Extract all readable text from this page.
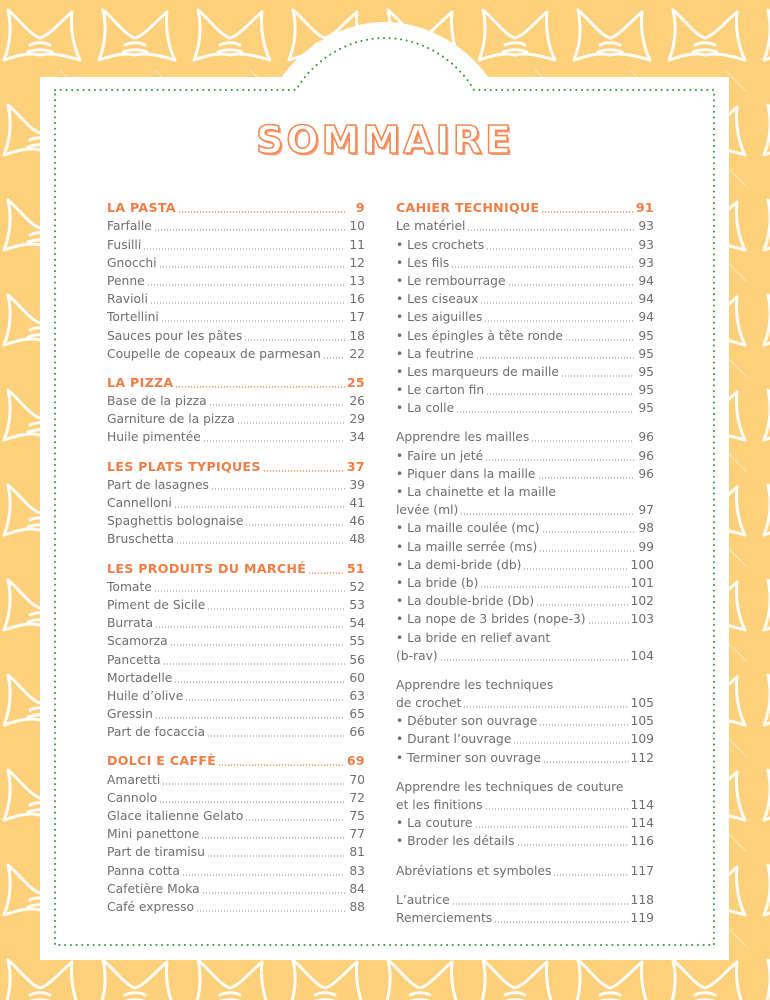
SOMMAIRE
LA PASTA	9
Farfalle	10
Fusilli	11
Gnocchi	12
Penne	13
Ravioli	16
Tortellini	17
Sauces pour les pâtes	18
Coupelle de copeaux de parmesan 22
LA PIZZA	25
Base de la pizza	26
Garniture de la pizza	29
Huile pimentée	34
LES PLATS TYPIQUES	37
Part de lasagnes	39
Cannelloni	41
Spaghettis bolognaise	46
Bruschetta	48
LES PRODUITS DU MARCHÉ	51
Tomate	52
Piment de Sicile	53
Burrata	54
Scamorza	55
Pancetta	56
Mortadelle	60
Huile d’olive	63
Gressin	65
Part de focaccia	66
DOLCI E CAFFÈ	69
Amaretti	70
Cannolo	72
Glace italienne Gelato	75
Mini panettone	77
Part de tiramisu	81
Panna cotta	83
Cafetière Moka	84
Café expresso	88
CAHIER TECHNIQUE	91
Le matériel	93
• Les crochets	93
• Les fils	93
• Le rembourrage	94
• Les ciseaux	94
• Les aiguilles	94
• Les épingles à tête ronde	95
• La feutrine	95
• Les marqueurs de maille	95
• Le carton fin	95
• La colle	95
Apprendre les mailles	96
• Faire un jeté	96
• Piquer dans la maille	96
• La chainette et la maille
levée (ml)	97
• La maille coulée (mc)	98
• La maille serrée (ms)	99
• La demi-bride (db)	100
• La bride (b)	101
• La double-bride (Db)	102
• La nope de 3 brides (nope-3)	103
• La bride en relief avant
(b-rav)	104
Apprendre les techniques
de crochet	105
• Débuter son ouvrage	105
• Durant l’ouvrage	109
• Terminer son ouvrage	112
Apprendre les techniques de couture
et les finitions	114
• La couture	114
• Broder les détails	116
Abréviations et symboles	117
L’autrice	118
Remerciements	119
